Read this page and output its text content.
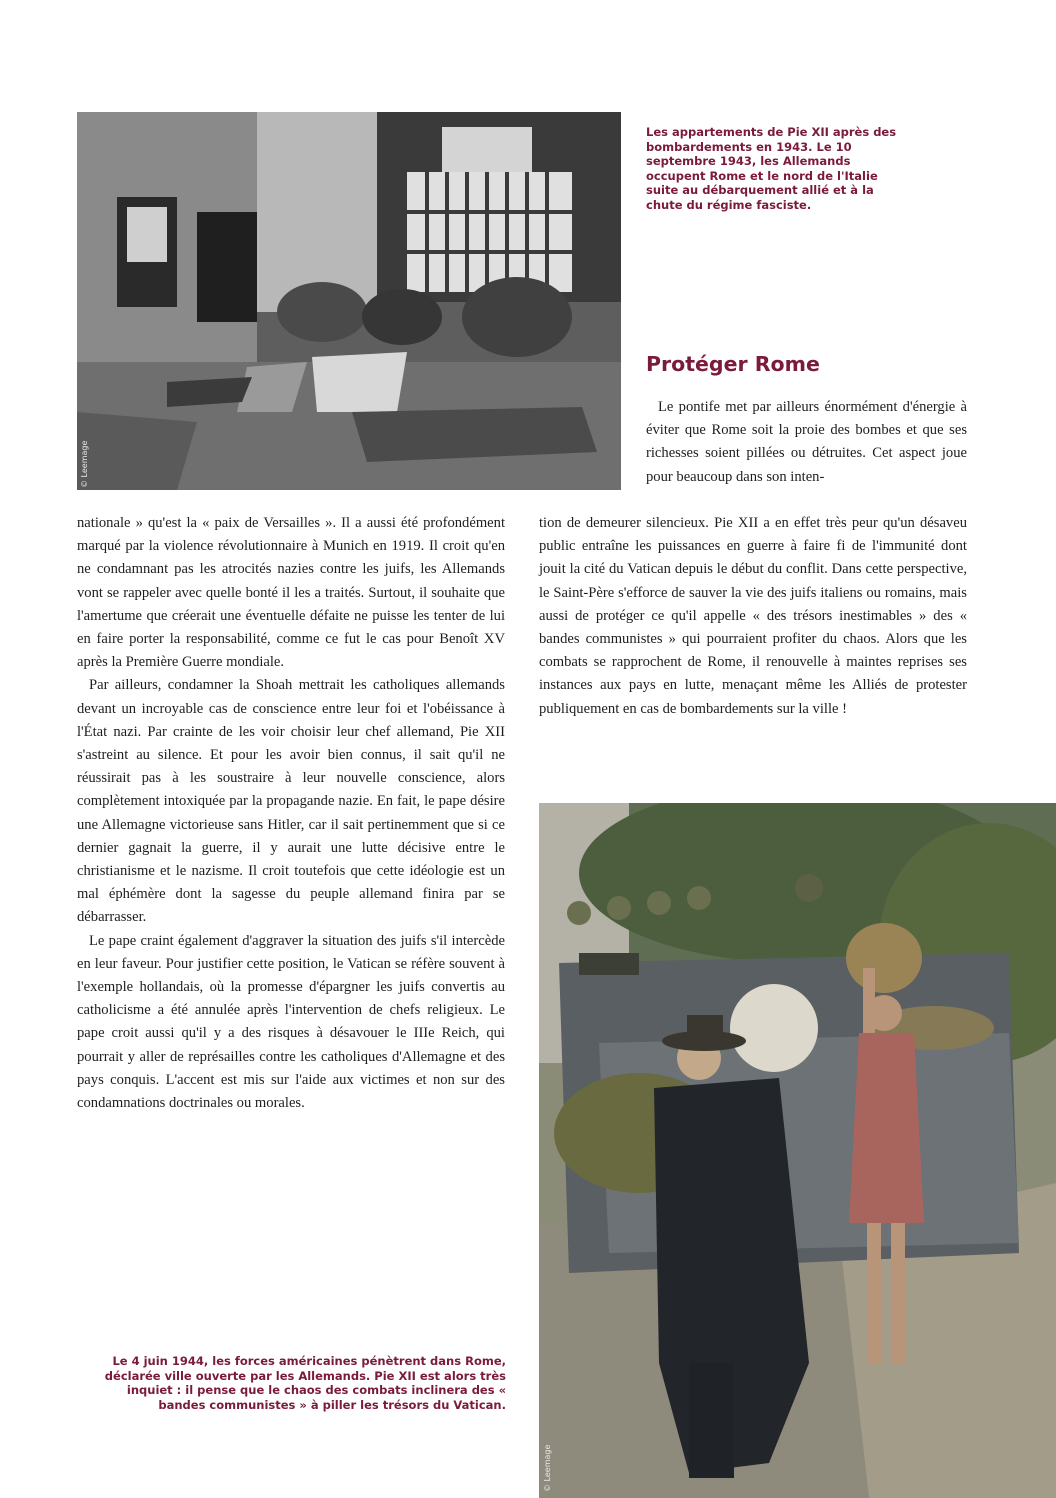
© Leemage

Les appartements de Pie XII après des bombardements en 1943. Le 10 septembre 1943, les Allemands occupent Rome et le nord de l'Italie suite au débarquement allié et à la chute du régime fasciste.

Protéger Rome

Le pontife met par ailleurs énormément d'énergie à éviter que Rome soit la proie des bombes et que ses richesses soient pillées ou détruites. Cet aspect joue pour beaucoup dans son inten-

tion de demeurer silencieux. Pie XII a en effet très peur qu'un désaveu public entraîne les puissances en guerre à faire fi de l'immunité dont jouit la cité du Vatican depuis le début du conflit. Dans cette perspective, le Saint-Père s'efforce de sauver la vie des juifs italiens ou romains, mais aussi de protéger ce qu'il appelle « des trésors inestimables » des « bandes communistes » qui pourraient profiter du chaos. Alors que les combats se rapprochent de Rome, il renouvelle à maintes reprises ses instances aux pays en lutte, menaçant même les Alliés de protester publiquement en cas de bombardements sur la ville !

nationale » qu'est la « paix de Versailles ». Il a aussi été profondément marqué par la violence révolutionnaire à Munich en 1919. Il croit qu'en ne condamnant pas les atrocités nazies contre les juifs, les Allemands vont se rappeler avec quelle bonté il les a traités. Surtout, il souhaite que l'amertume que créerait une éventuelle défaite ne puisse les tenter de lui en faire porter la responsabilité, comme ce fut le cas pour Benoît XV après la Première Guerre mondiale.

Par ailleurs, condamner la Shoah mettrait les catholiques allemands devant un incroyable cas de conscience entre leur foi et l'obéissance à l'État nazi. Par crainte de les voir choisir leur chef allemand, Pie XII s'astreint au silence. Et pour les avoir bien connus, il sait qu'il ne réussirait pas à les soustraire à leur nouvelle conscience, alors complètement intoxiquée par la propagande nazie. En fait, le pape désire une Allemagne victorieuse sans Hitler, car il sait pertinemment que si ce dernier gagnait la guerre, il y aurait une lutte décisive entre le christianisme et le nazisme. Il croit toutefois que cette idéologie est un mal éphémère dont la sagesse du peuple allemand finira par se débarrasser.

Le pape craint également d'aggraver la situation des juifs s'il intercède en leur faveur. Pour justifier cette position, le Vatican se réfère souvent à l'exemple hollandais, où la promesse d'épargner les juifs convertis au catholicisme a été annulée après l'intervention de chefs religieux. Le pape croit aussi qu'il y a des risques à désavouer le IIIe Reich, qui pourrait y aller de représailles contre les catholiques d'Allemagne et des pays conquis. L'accent est mis sur l'aide aux victimes et non sur des condamnations doctrinales ou morales.

Le 4 juin 1944, les forces américaines pénètrent dans Rome, déclarée ville ouverte par les Allemands. Pie XII est alors très inquiet : il pense que le chaos des combats inclinera des « bandes communistes » à piller les trésors du Vatican.

© Leemage
